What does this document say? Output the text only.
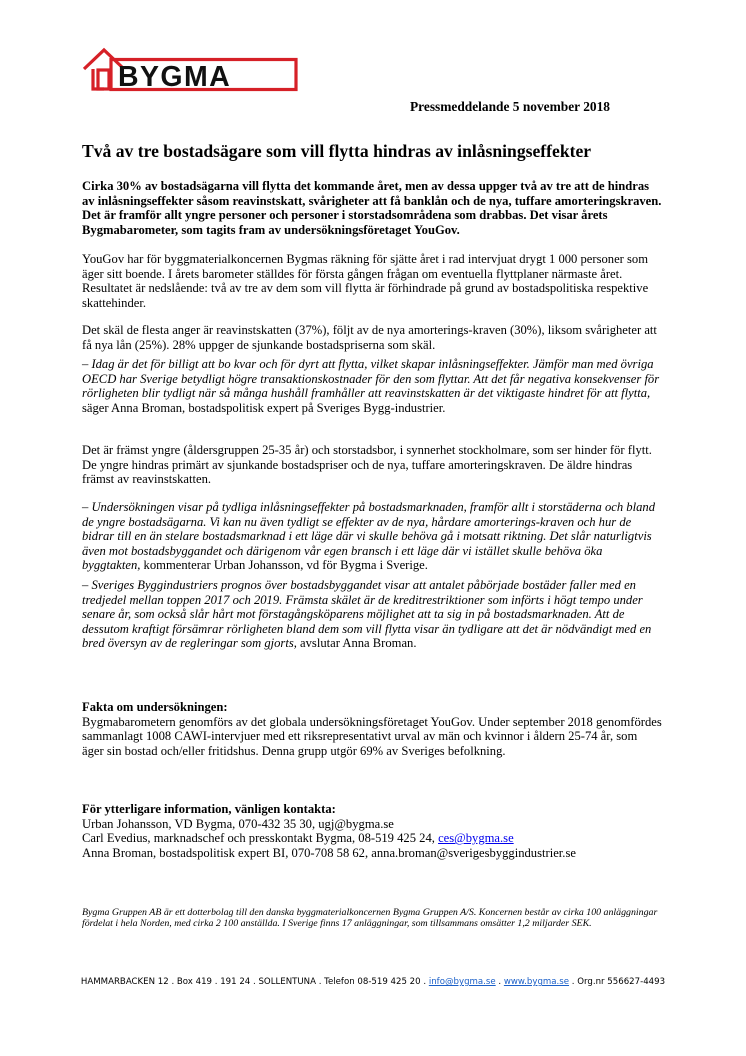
BYGMA
Pressmeddelande 5 november 2018
Två av tre bostadsägare som vill flytta hindras av inlåsningseffekter
Cirka 30% av bostadsägarna vill flytta det kommande året, men av dessa uppger två av tre att de hindras av inlåsningseffekter såsom reavinstskatt, svårigheter att få banklån och de nya, tuffare amorteringskraven. Det är framför allt yngre personer och personer i storstadsområdena som drabbas. Det visar årets Bygmabarometer, som tagits fram av undersökningsföretaget YouGov.
YouGov har för byggmaterialkoncernen Bygmas räkning för sjätte året i rad intervjuat drygt 1 000 personer som äger sitt boende. I årets barometer ställdes för första gången frågan om eventuella flyttplaner närmaste året. Resultatet är nedslående: två av tre av dem som vill flytta är förhindrade på grund av bostadspolitiska respektive skattehinder.
Det skäl de flesta anger är reavinstskatten (37%), följt av de nya amorterings-kraven (30%), liksom svårigheter att få nya lån (25%). 28% uppger de sjunkande bostadspriserna som skäl.
– Idag är det för billigt att bo kvar och för dyrt att flytta, vilket skapar inlåsningseffekter. Jämför man med övriga OECD har Sverige betydligt högre transaktionskostnader för den som flyttar. Att det får negativa konsekvenser för rörligheten blir tydligt när så många hushåll framhåller att reavinstskatten är det viktigaste hindret för att flytta, säger Anna Broman, bostadspolitisk expert på Sveriges Bygg-industrier.
Det är främst yngre (åldersgruppen 25-35 år) och storstadsbor, i synnerhet stockholmare, som ser hinder för flytt. De yngre hindras primärt av sjunkande bostadspriser och de nya, tuffare amorteringskraven. De äldre hindras främst av reavinstskatten.
– Undersökningen visar på tydliga inlåsningseffekter på bostadsmarknaden, framför allt i storstäderna och bland de yngre bostadsägarna. Vi kan nu även tydligt se effekter av de nya, hårdare amorterings-kraven och hur de bidrar till en än stelare bostadsmarknad i ett läge där vi skulle behöva gå i motsatt riktning. Det slår naturligtvis även mot bostadsbyggandet och därigenom vår egen bransch i ett läge där vi istället skulle behöva öka byggtakten, kommenterar Urban Johansson, vd för Bygma i Sverige.
– Sveriges Byggindustriers prognos över bostadsbyggandet visar att antalet påbörjade bostäder faller med en tredjedel mellan toppen 2017 och 2019. Främsta skälet är de kreditrestriktioner som införts i högt tempo under senare år, som också slår hårt mot förstagångsköparens möjlighet att ta sig in på bostadsmarknaden. Att de dessutom kraftigt försämrar rörligheten bland dem som vill flytta visar än tydligare att det är nödvändigt med en bred översyn av de regleringar som gjorts, avslutar Anna Broman.
Fakta om undersökningen:
Bygmabarometern genomförs av det globala undersökningsföretaget YouGov. Under september 2018 genomfördes sammanlagt 1008 CAWI-intervjuer med ett riksrepresentativt urval av män och kvinnor i åldern 25-74 år, som äger sin bostad och/eller fritidshus. Denna grupp utgör 69% av Sveriges befolkning.
För ytterligare information, vänligen kontakta:
Urban Johansson, VD Bygma, 070-432 35 30, ugj@bygma.se
Carl Evedius, marknadschef och presskontakt Bygma, 08-519 425 24, ces@bygma.se
Anna Broman, bostadspolitisk expert BI, 070-708 58 62, anna.broman@sverigesbyggindustrier.se
Bygma Gruppen AB är ett dotterbolag till den danska byggmaterialkoncernen Bygma Gruppen A/S. Koncernen består av cirka 100 anläggningar fördelat i hela Norden, med cirka 2 100 anställda. I Sverige finns 17 anläggningar, som tillsammans omsätter 1,2 miljarder SEK.
HAMMARBACKEN 12 . Box 419 . 191 24 . SOLLENTUNA . Telefon 08-519 425 20 . info@bygma.se . www.bygma.se . Org.nr 556627-4493
